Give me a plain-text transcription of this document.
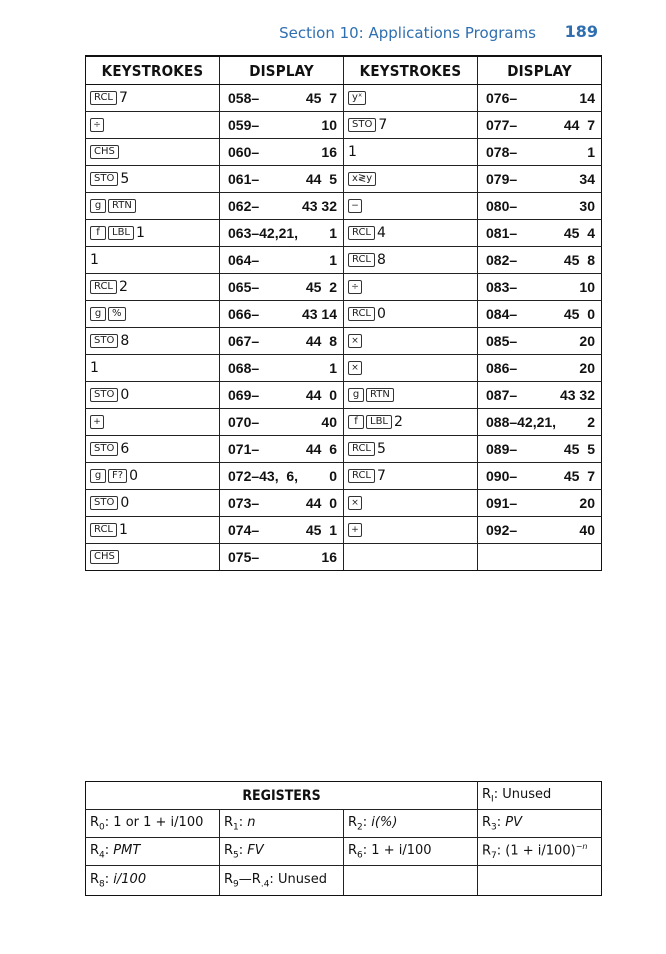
Section 10: Applications Programs 189
KEYSTROKES	DISPLAY	KEYSTROKES	DISPLAY
RCL 7	058– 45  7	yˣ	076– 14

÷	059– 10	STO 7	077– 44  7

CHS	060– 16	1	078– 1

STO 5	061– 44  5	x≷y	079– 34

g RTN	062– 43 32	−	080– 30

f LBL 1	063–42,21, 1	RCL 4	081– 45  4

1	064– 1	RCL 8	082– 45  8

RCL 2	065– 45  2	÷	083– 10

g %	066– 43 14	RCL 0	084– 45  0

STO 8	067– 44  8	×	085– 20

1	068– 1	×	086– 20

STO 0	069– 44  0	g RTN	087– 43 32

+	070– 40	f LBL 2	088–42,21, 2

STO 6	071– 44  6	RCL 5	089– 45  5

g F? 0	072–43,  6, 0	RCL 7	090– 45  7

STO 0	073– 44  0	×	091– 20

RCL 1	074– 45  1	+	092– 40

CHS	075– 16		

REGISTERS			$R_I$: Unused
$R_0$: 1 or 1 + i/100	$R_1$: n	$R_2$: i(%)	$R_3$: PV
$R_4$: PMT	$R_5$: FV	$R_6$: 1 + i/100	$R_7$: $(1 + i/100)^{-n}$
$R_8$: i/100	$R_9—R_{.4}$: Unused		
